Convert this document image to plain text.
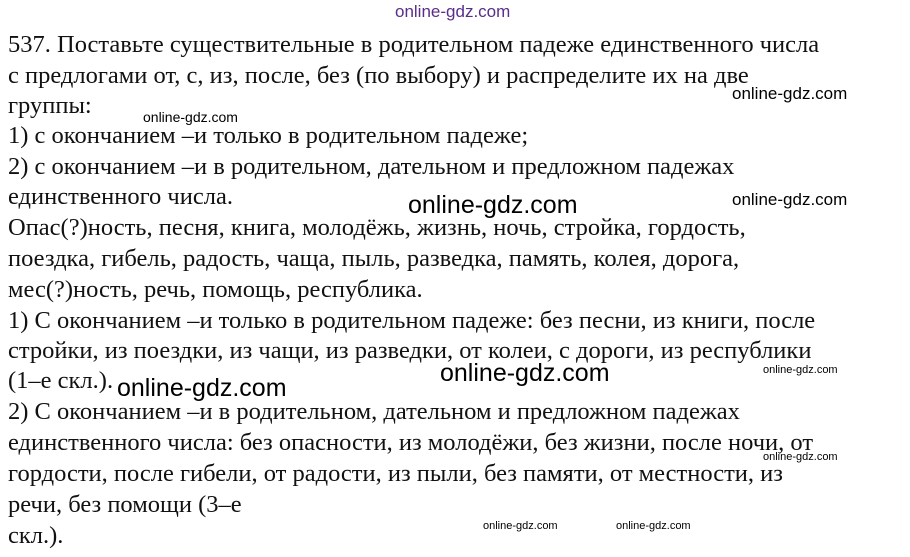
online-gdz.com
537. Поставьте существительные в родительном падеже единственного числа
с предлогами от, с, из, после, без (по выбору) и распределите их на две
группы:
1) с окончанием –и только в родительном падеже;
2) с окончанием –и в родительном, дательном и предложном падежах
единственного числа.
Опас(?)ность, песня, книга, молодёжь, жизнь, ночь, стройка, гордость,
поездка, гибель, радость, чаща, пыль, разведка, память, колея, дорога,
мес(?)ность, речь, помощь, республика.
1) С окончанием –и только в родительном падеже: без песни, из книги, после
стройки, из поездки, из чащи, из разведки, от колеи, с дороги, из республики
(1–е скл.).
2) С окончанием –и в родительном, дательном и предложном падежах
единственного числа: без опасности, из молодёжи, без жизни, после ночи, от
гордости, после гибели, от радости, из пыли, без памяти, от местности, из
речи, без помощи (3–е
скл.).
online-gdz.com
online-gdz.com
online-gdz.com	online-gdz.com
online-gdz.com
online-gdz.com	online-gdz.com
online-gdz.com
online-gdz.com	online-gdz.com
